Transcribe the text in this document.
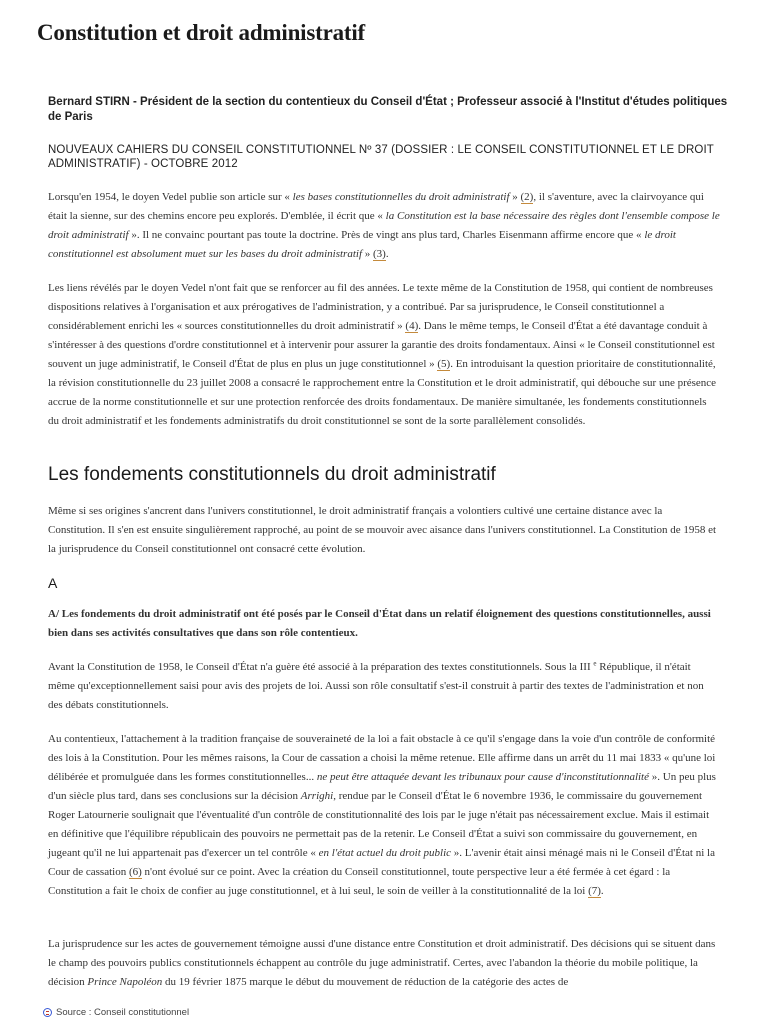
Constitution et droit administratif

Bernard STIRN - Président de la section du contentieux du Conseil d'État ; Professeur associé à l'Institut d'études politiques de Paris

NOUVEAUX CAHIERS DU CONSEIL CONSTITUTIONNEL Nº 37 (DOSSIER : LE CONSEIL CONSTITUTIONNEL ET LE DROIT ADMINISTRATIF) - OCTOBRE 2012

Lorsqu'en 1954, le doyen Vedel publie son article sur « les bases constitutionnelles du droit administratif » (2), il s'aventure, avec la clairvoyance qui était la sienne, sur des chemins encore peu explorés. D'emblée, il écrit que « la Constitution est la base nécessaire des règles dont l'ensemble compose le droit administratif ». Il ne convainc pourtant pas toute la doctrine. Près de vingt ans plus tard, Charles Eisenmann affirme encore que « le droit constitutionnel est absolument muet sur les bases du droit administratif » (3).

Les liens révélés par le doyen Vedel n'ont fait que se renforcer au fil des années. Le texte même de la Constitution de 1958, qui contient de nombreuses dispositions relatives à l'organisation et aux prérogatives de l'administration, y a contribué. Par sa jurisprudence, le Conseil constitutionnel a considérablement enrichi les « sources constitutionnelles du droit administratif » (4). Dans le même temps, le Conseil d'État a été davantage conduit à s'intéresser à des questions d'ordre constitutionnel et à intervenir pour assurer la garantie des droits fondamentaux. Ainsi « le Conseil constitutionnel est souvent un juge administratif, le Conseil d'État de plus en plus un juge constitutionnel » (5). En introduisant la question prioritaire de constitutionnalité, la révision constitutionnelle du 23 juillet 2008 a consacré le rapprochement entre la Constitution et le droit administratif, qui débouche sur une présence accrue de la norme constitutionnelle et sur une protection renforcée des droits fondamentaux. De manière simultanée, les fondements constitutionnels du droit administratif et les fondements administratifs du droit constitutionnel se sont de la sorte parallèlement consolidés.

Les fondements constitutionnels du droit administratif

Même si ses origines s'ancrent dans l'univers constitutionnel, le droit administratif français a volontiers cultivé une certaine distance avec la Constitution. Il s'en est ensuite singulièrement rapproché, au point de se mouvoir avec aisance dans l'univers constitutionnel. La Constitution de 1958 et la jurisprudence du Conseil constitutionnel ont consacré cette évolution.

A

A/ Les fondements du droit administratif ont été posés par le Conseil d'État dans un relatif éloignement des questions constitutionnelles, aussi bien dans ses activités consultatives que dans son rôle contentieux.

Avant la Constitution de 1958, le Conseil d'État n'a guère été associé à la préparation des textes constitutionnels. Sous la III $^e$ République, il n'était même qu'exceptionnellement saisi pour avis des projets de loi. Aussi son rôle consultatif s'est-il construit à partir des textes de l'administration et non des débats constitutionnels.

Au contentieux, l'attachement à la tradition française de souveraineté de la loi a fait obstacle à ce qu'il s'engage dans la voie d'un contrôle de conformité des lois à la Constitution. Pour les mêmes raisons, la Cour de cassation a choisi la même retenue. Elle affirme dans un arrêt du 11 mai 1833 « qu'une loi délibérée et promulguée dans les formes constitutionnelles... ne peut être attaquée devant les tribunaux pour cause d'inconstitutionnalité ». Un peu plus d'un siècle plus tard, dans ses conclusions sur la décision Arrighi, rendue par le Conseil d'État le 6 novembre 1936, le commissaire du gouvernement Roger Latournerie soulignait que l'éventualité d'un contrôle de constitutionnalité des lois par le juge n'était pas nécessairement exclue. Mais il estimait en définitive que l'équilibre républicain des pouvoirs ne permettait pas de la retenir. Le Conseil d'État a suivi son commissaire du gouvernement, en jugeant qu'il ne lui appartenait pas d'exercer un tel contrôle « en l'état actuel du droit public ». L'avenir était ainsi ménagé mais ni le Conseil d'État ni la Cour de cassation (6) n'ont évolué sur ce point. Avec la création du Conseil constitutionnel, toute perspective leur a été fermée à cet égard : la Constitution a fait le choix de confier au juge constitutionnel, et à lui seul, le soin de veiller à la constitutionnalité de la loi (7).

La jurisprudence sur les actes de gouvernement témoigne aussi d'une distance entre Constitution et droit administratif. Des décisions qui se situent dans le champ des pouvoirs publics constitutionnels échappent au contrôle du juge administratif. Certes, avec l'abandon la théorie du mobile politique, la décision Prince Napoléon du 19 février 1875 marque le début du mouvement de réduction de la catégorie des actes de

Source : Conseil constitutionnel
